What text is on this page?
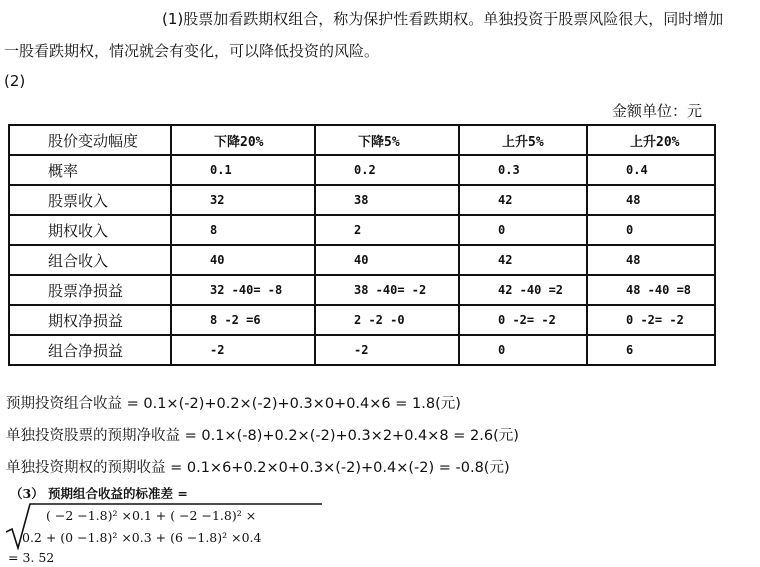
(1)股票加看跌期权组合，称为保护性看跌期权。单独投资于股票风险很大，同时增加
一股看跌期权，情况就会有变化，可以降低投资的风险。
(2)
金额单位：元
股价变动幅度	下降20%	下降5%	上升5%	上升20%
概率	0.1	0.2	0.3	0.4
股票收入	32	38	42	48
期权收入	8	2	0	0
组合收入	40	40	42	48
股票净损益	32 -40= -8	38 -40= -2	42 -40 =2	48 -40 =8
期权净损益	8 -2 =6	2 -2 -0	0 -2= -2	0 -2= -2
组合净损益	-2	-2	0	6
预期投资组合收益 = 0.1×(-2)+0.2×(-2)+0.3×0+0.4×6 = 1.8(元)
单独投资股票的预期净收益 = 0.1×(-8)+0.2×(-2)+0.3×2+0.4×8 = 2.6(元)
单独投资期权的预期收益 = 0.1×6+0.2×0+0.3×(-2)+0.4×(-2) = -0.8(元)
（3） 预期组合收益的标准差 =
( −2 −1.8)² ×0.1 + ( −2 −1.8)² ×
0.2 + (0 −1.8)² ×0.3 + (6 −1.8)² ×0.4
= 3. 52
